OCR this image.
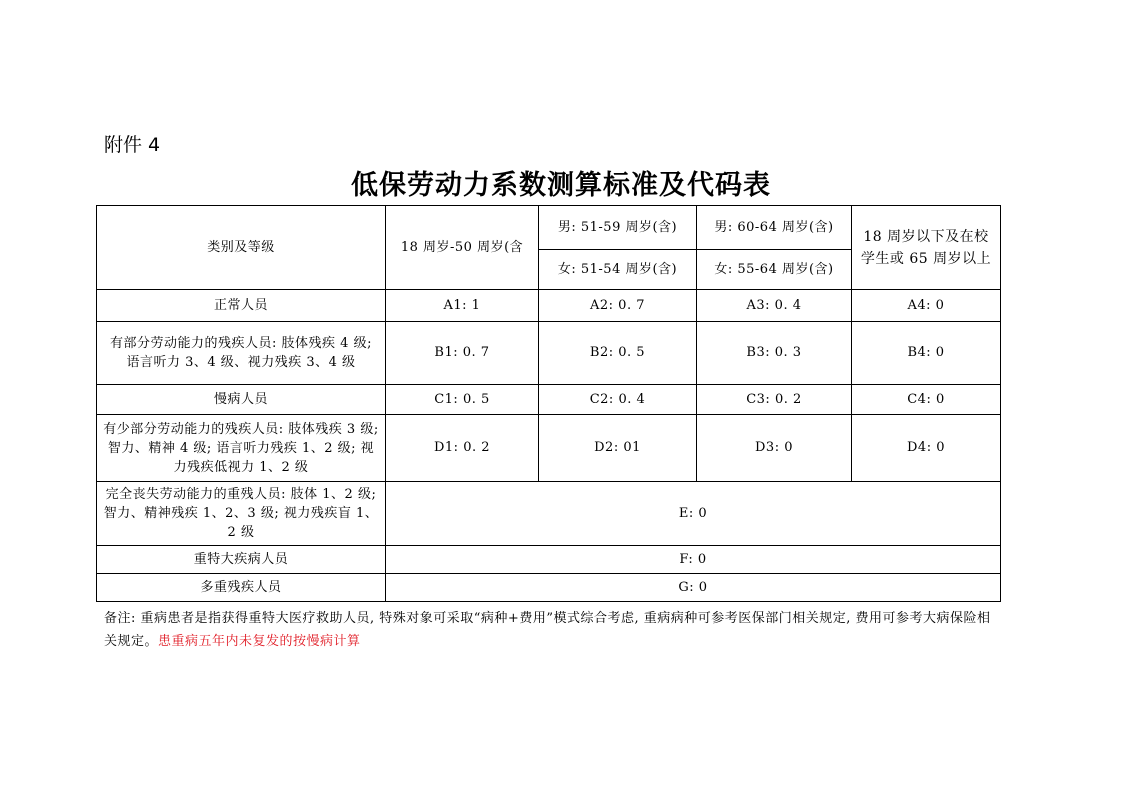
附件 4
低保劳动力系数测算标准及代码表
类别及等级	18 周岁-50 周岁(含	男: 51-59 周岁(含)	男: 60-64 周岁(含)	18 周岁以下及在校学生或 65 周岁以上
		女: 51-54 周岁(含)	女: 55-64 周岁(含)	
正常人员	A1: 1	A2: 0. 7	A3: 0. 4	A4: 0
有部分劳动能力的残疾人员: 肢体残疾 4 级; 语言听力 3、4 级、视力残疾 3、4 级	B1: 0. 7	B2: 0. 5	B3: 0. 3	B4: 0
慢病人员	C1: 0. 5	C2: 0. 4	C3: 0. 2	C4: 0
有少部分劳动能力的残疾人员: 肢体残疾 3 级; 智力、精神 4 级; 语言听力残疾 1、2 级; 视力残疾低视力 1、2 级	D1: 0. 2	D2: 01	D3: 0	D4: 0
完全丧失劳动能力的重残人员: 肢体 1、2 级; 智力、精神残疾 1、2、3 级; 视力残疾盲 1、2 级	E: 0			
重特大疾病人员	F: 0			
多重残疾人员	G: 0			
备注: 重病患者是指获得重特大医疗救助人员, 特殊对象可采取“病种+费用”模式综合考虑, 重病病种可参考医保部门相关规定, 费用可参考大病保险相关规定。患重病五年内未复发的按慢病计算
